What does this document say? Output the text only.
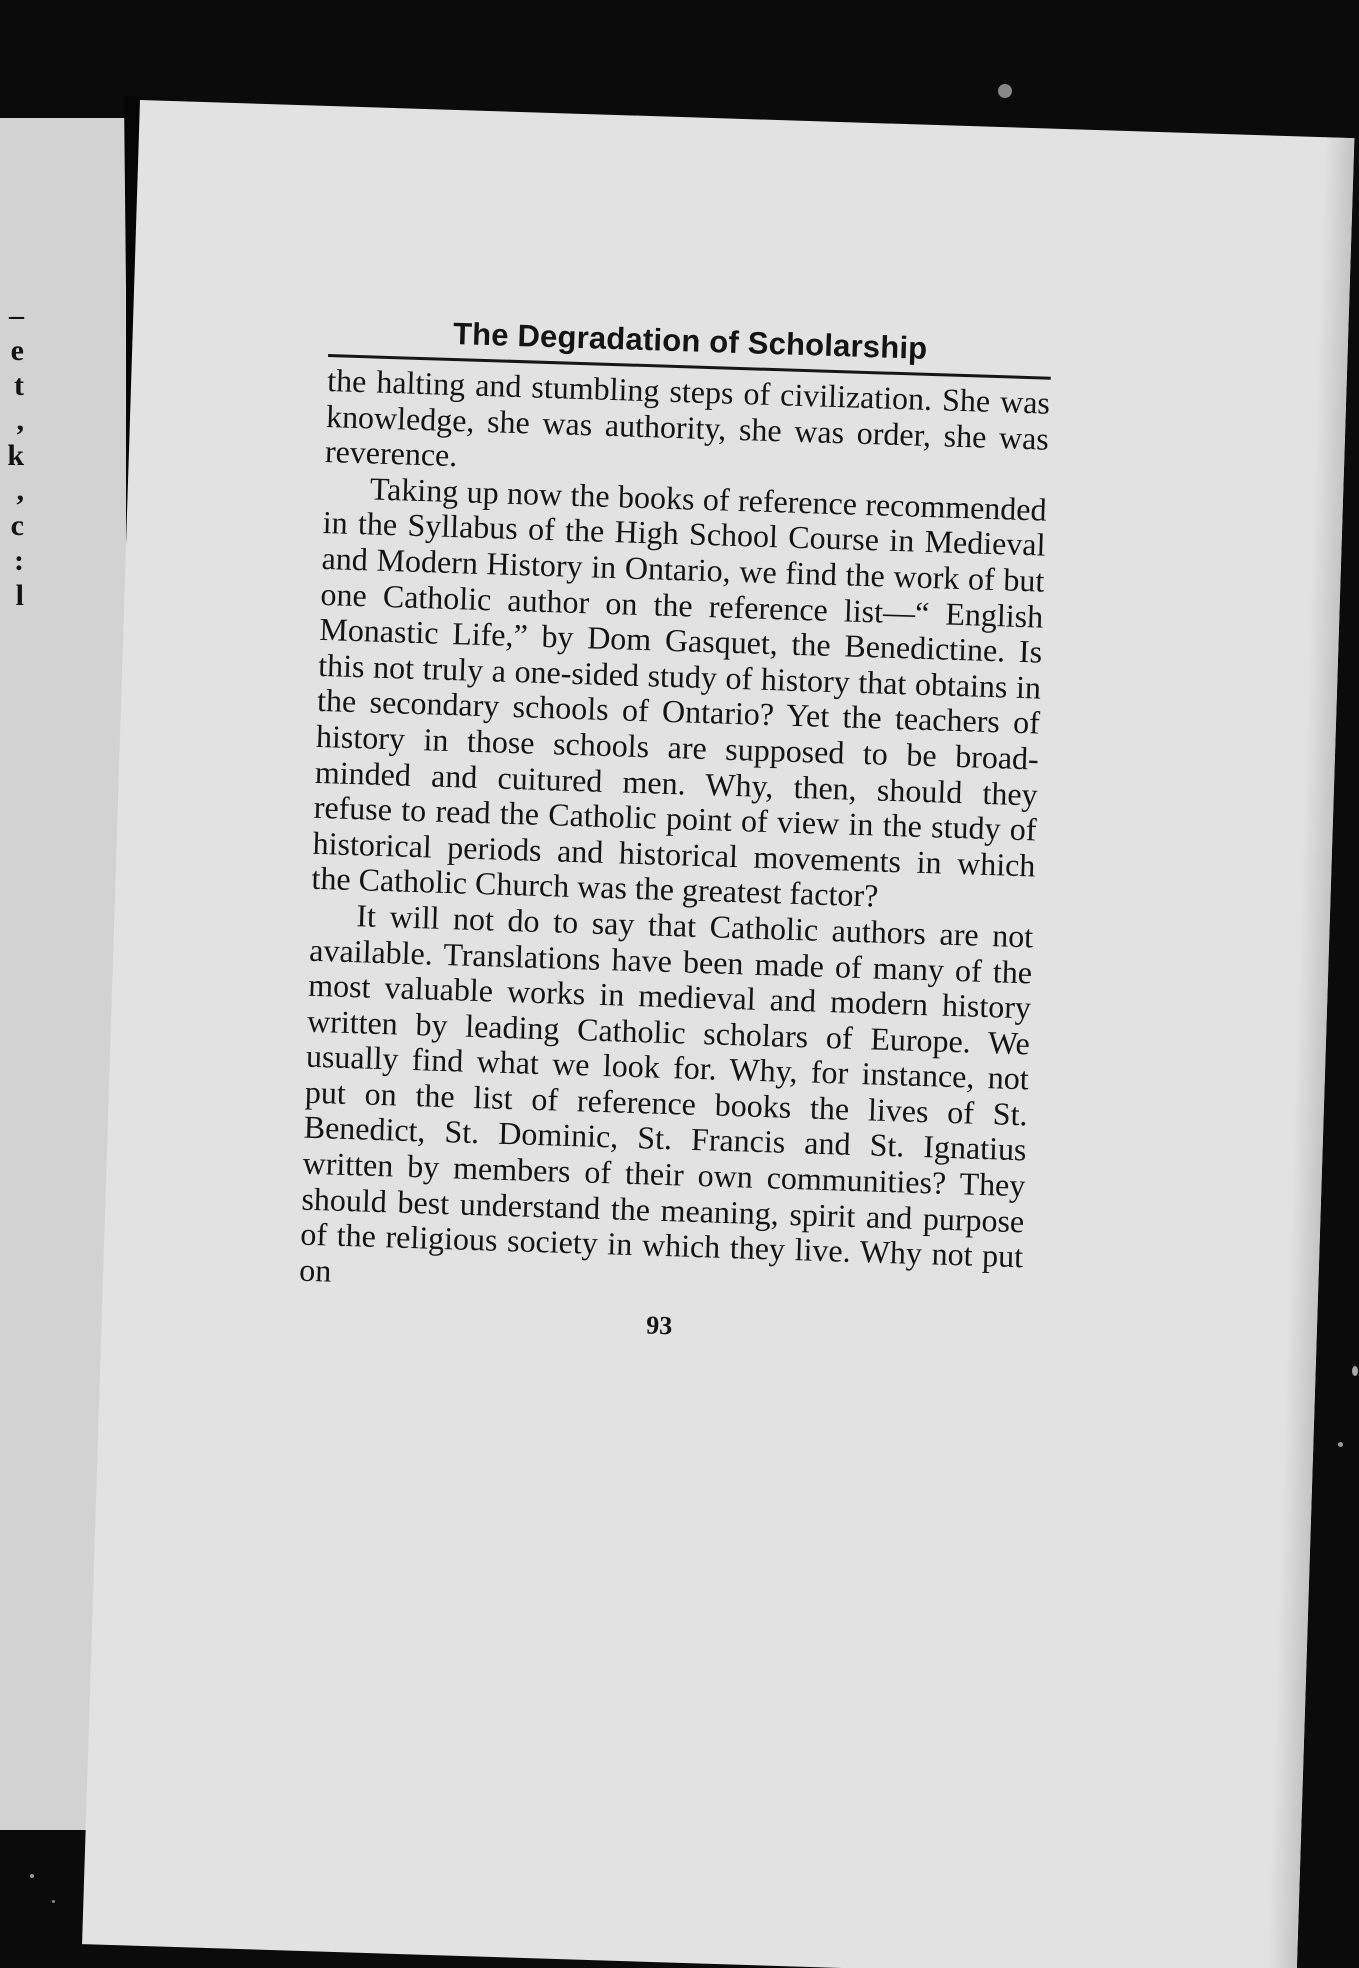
–
e
t
,
k
,
c
:
l
The Degradation of Scholarship

the halting and stumbling steps of civilization. She was knowledge, she was authority, she was order, she was reverence.

Taking up now the books of reference recommended in the Syllabus of the High School Course in Medieval and Modern History in Ontario, we find the work of but one Catholic author on the reference list—“ English Monastic Life,” by Dom Gasquet, the Benedictine. Is this not truly a one-sided study of history that obtains in the secondary schools of Ontario? Yet the teachers of history in those schools are supposed to be broad-minded and cuitured men. Why, then, should they refuse to read the Catholic point of view in the study of historical periods and historical movements in which the Catholic Church was the greatest factor?

It will not do to say that Catholic authors are not available. Translations have been made of many of the most valuable works in medieval and modern history written by leading Catholic scholars of Europe. We usually find what we look for. Why, for instance, not put on the list of reference books the lives of St. Benedict, St. Dominic, St. Francis and St. Ignatius written by members of their own communities? They should best understand the meaning, spirit and purpose of the religious society in which they live. Why not put on

93
